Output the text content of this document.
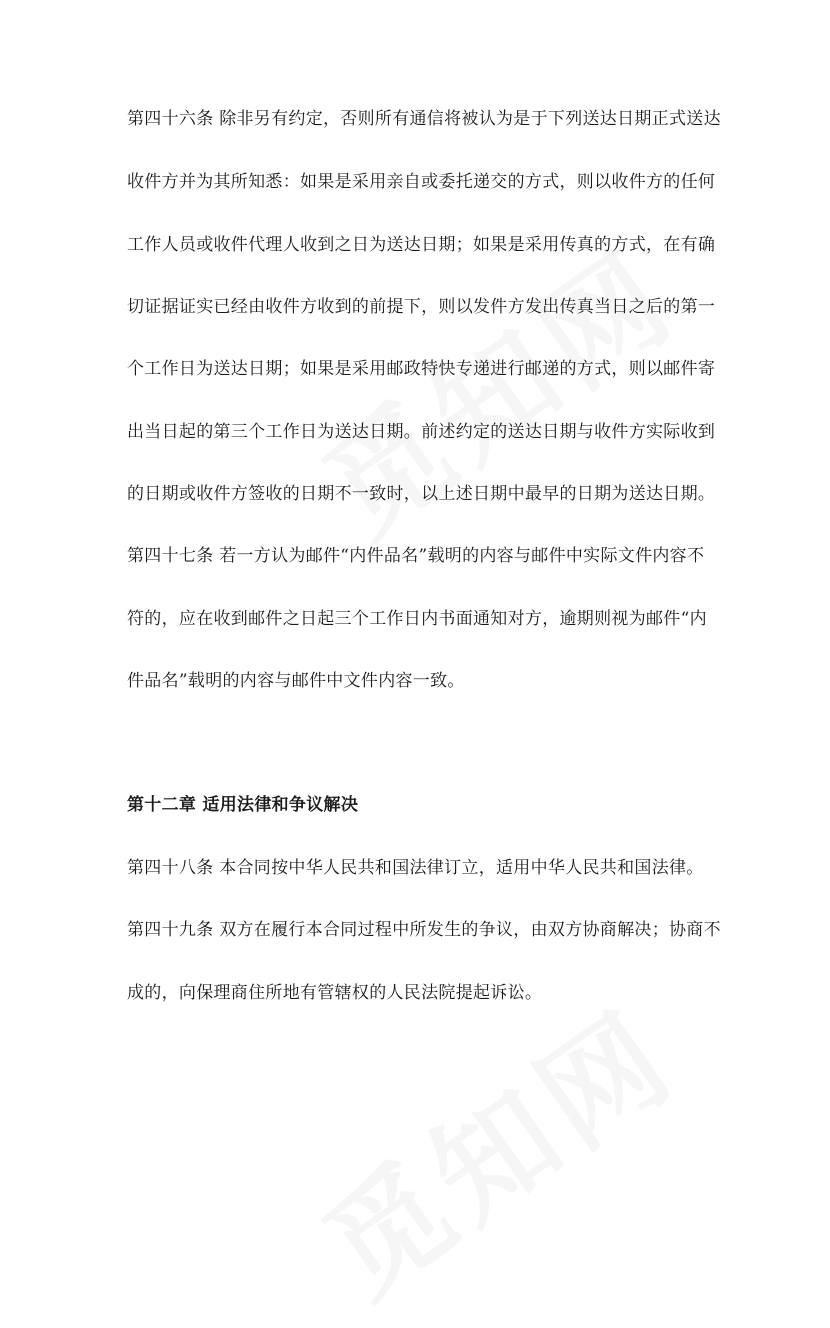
第四十六条 除非另有约定，否则所有通信将被认为是于下列送达日期正式送达
收件方并为其所知悉：如果是采用亲自或委托递交的方式，则以收件方的任何
工作人员或收件代理人收到之日为送达日期；如果是采用传真的方式，在有确
切证据证实已经由收件方收到的前提下，则以发件方发出传真当日之后的第一
个工作日为送达日期；如果是采用邮政特快专递进行邮递的方式，则以邮件寄
出当日起的第三个工作日为送达日期。前述约定的送达日期与收件方实际收到
的日期或收件方签收的日期不一致时，以上述日期中最早的日期为送达日期。
第四十七条 若一方认为邮件“内件品名”载明的内容与邮件中实际文件内容不
符的，应在收到邮件之日起三个工作日内书面通知对方，逾期则视为邮件“内
件品名”载明的内容与邮件中文件内容一致。
第十二章 适用法律和争议解决
第四十八条 本合同按中华人民共和国法律订立，适用中华人民共和国法律。
第四十九条 双方在履行本合同过程中所发生的争议，由双方协商解决；协商不
成的，向保理商住所地有管辖权的人民法院提起诉讼。
